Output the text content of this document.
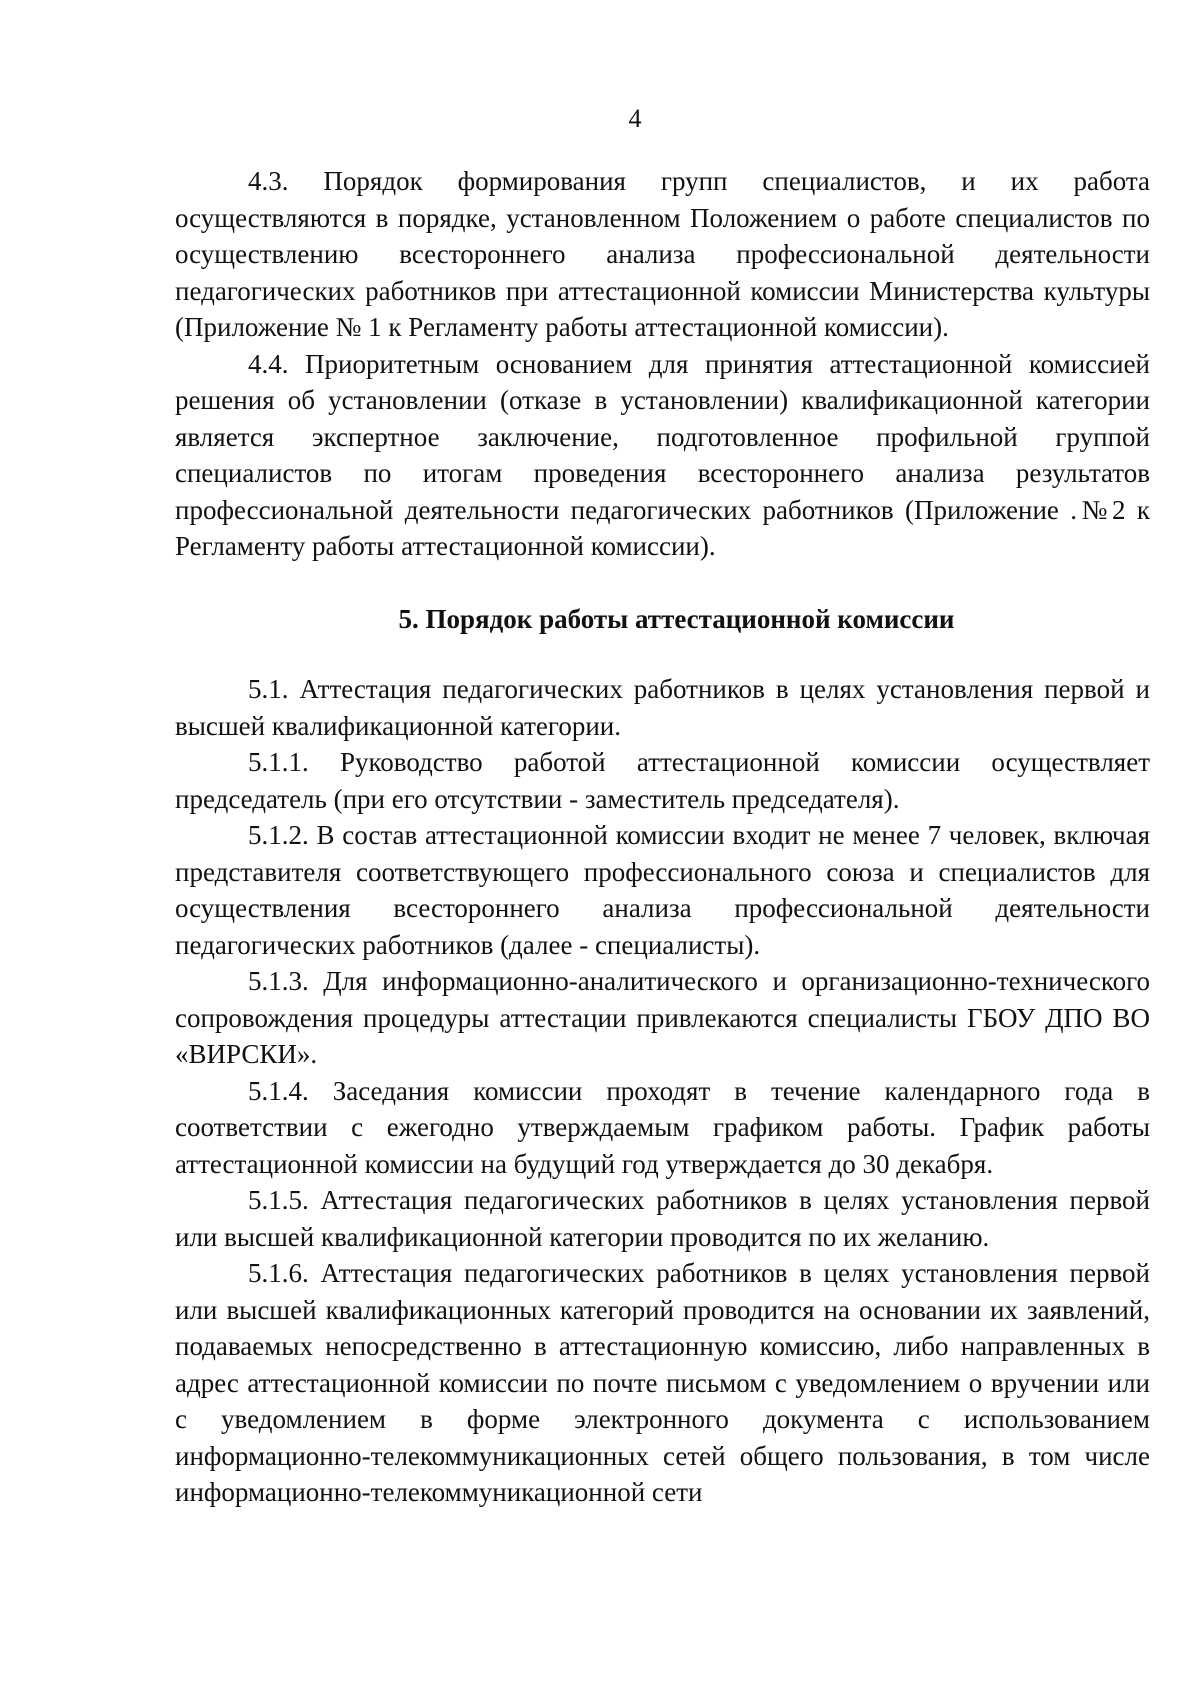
4

4.3. Порядок формирования групп специалистов, и их работа осуществляются в порядке, установленном Положением о работе специалистов по осуществлению всестороннего анализа профессиональной деятельности педагогических работников при аттестационной комиссии Министерства культуры (Приложение № 1 к Регламенту работы аттестационной комиссии).

4.4. Приоритетным основанием для принятия аттестационной комиссией решения об установлении (отказе в установлении) квалификационной категории является экспертное заключение, подготовленное профильной группой специалистов по итогам проведения всестороннего анализа результатов профессиональной деятельности педагогических работников (Приложение .№2 к Регламенту работы аттестационной комиссии).

5. Порядок работы аттестационной комиссии

5.1. Аттестация педагогических работников в целях установления первой и высшей квалификационной категории.

5.1.1. Руководство работой аттестационной комиссии осуществляет председатель (при его отсутствии - заместитель председателя).

5.1.2. В состав аттестационной комиссии входит не менее 7 человек, включая представителя соответствующего профессионального союза и специалистов для осуществления всестороннего анализа профессиональной деятельности педагогических работников (далее - специалисты).

5.1.3. Для информационно-аналитического и организационно-технического сопровождения процедуры аттестации привлекаются специалисты ГБОУ ДПО ВО «ВИРСКИ».

5.1.4. Заседания комиссии проходят в течение календарного года в соответствии с ежегодно утверждаемым графиком работы. График работы аттестационной комиссии на будущий год утверждается до 30 декабря.

5.1.5. Аттестация педагогических работников в целях установления первой или высшей квалификационной категории проводится по их желанию.

5.1.6. Аттестация педагогических работников в целях установления первой или высшей квалификационных категорий проводится на основании их заявлений, подаваемых непосредственно в аттестационную комиссию, либо направленных в адрес аттестационной комиссии по почте письмом с уведомлением о вручении или с уведомлением в форме электронного документа с использованием информационно-телекоммуникационных сетей общего пользования, в том числе информационно-телекоммуникационной сети
